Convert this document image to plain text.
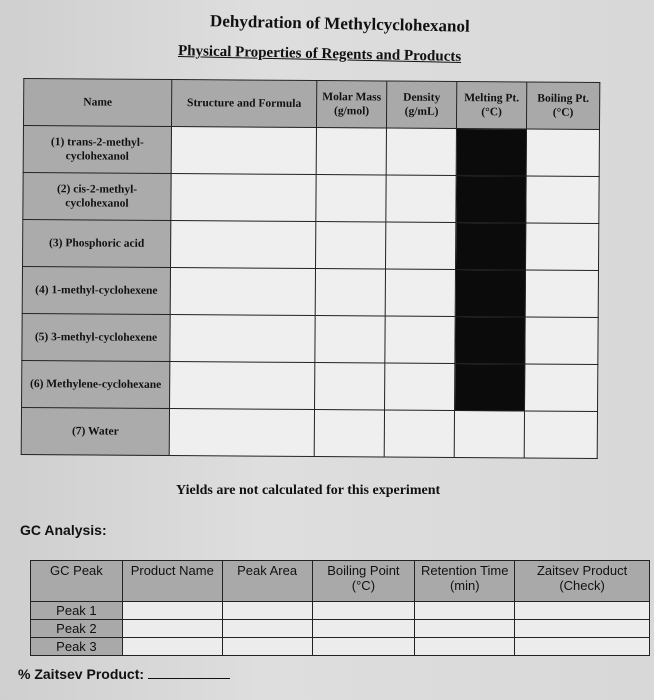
Dehydration of Methylcyclohexanol
Physical Properties of Regents and Products
Name	Structure and Formula	Molar Mass (g/mol)	Density (g/mL)	Melting Pt. (°C)	Boiling Pt. (°C)
(1) trans-2-methyl-cyclohexanol					
(2) cis-2-methyl-cyclohexanol					
(3) Phosphoric acid					
(4) 1-methyl-cyclohexene					
(5) 3-methyl-cyclohexene					
(6) Methylene-cyclohexane					
(7) Water					
Yields are not calculated for this experiment
GC Analysis:
GC Peak	Product Name	Peak Area	Boiling Point (°C)	Retention Time (min)	Zaitsev Product (Check)
Peak 1					
Peak 2					
Peak 3					
% Zaitsev Product:
